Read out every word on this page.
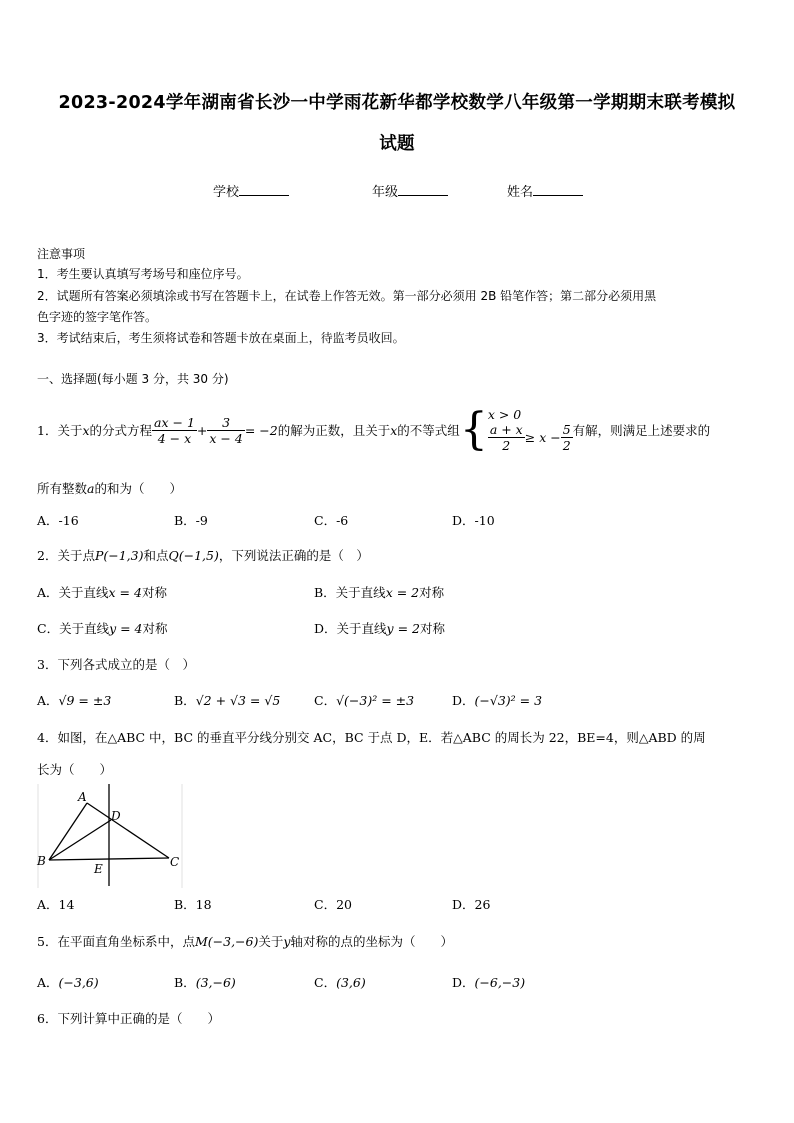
2023-2024学年湖南省长沙一中学雨花新华都学校数学八年级第一学期期末联考模拟
试题
学校	年级	姓名
注意事项
1．考生要认真填写考场号和座位序号。
2．试题所有答案必须填涂或书写在答题卡上，在试卷上作答无效。第一部分必须用 2B 铅笔作答；第二部分必须用黑
色字迹的签字笔作答。
3．考试结束后，考生须将试卷和答题卡放在桌面上，待监考员收回。
一、选择题(每小题 3 分，共 30 分)
1．关于 x 的分式方程 $\frac{ax - 1}{4 - x} + \frac{3}{x - 4} = -2$ 的解为正数，且关于 x 的不等式组 { x > 0
$\frac{a + x}{2} \ge x - \frac{5}{2}$ 有解，则满足上述要求的
所有整数a的和为（　　）
A．-16	B．-9	C．-6	D．-10
2．关于点P(−1,3)和点Q(−1,5)，下列说法正确的是（　）
A．关于直线x = 4对称	B．关于直线x = 2对称
C．关于直线y = 4对称	D．关于直线y = 2对称
3．下列各式成立的是（　）
A．√9 = ±3	B．√2 + √3 = √5	C．√(−3)² = ±3	D．(−√3)² = 3
4．如图，在△ABC 中，BC 的垂直平分线分别交 AC，BC 于点 D，E．若△ABC 的周长为 22，BE=4，则△ABD 的周
长为（　　）
A
D
B
E	C
A．14	B．18	C．20	D．26
5．在平面直角坐标系中，点M(−3,−6)关于y轴对称的点的坐标为（　　）
A．(−3,6)	B．(3,−6)	C．(3,6)	D．(−6,−3)
6．下列计算中正确的是（　　）
